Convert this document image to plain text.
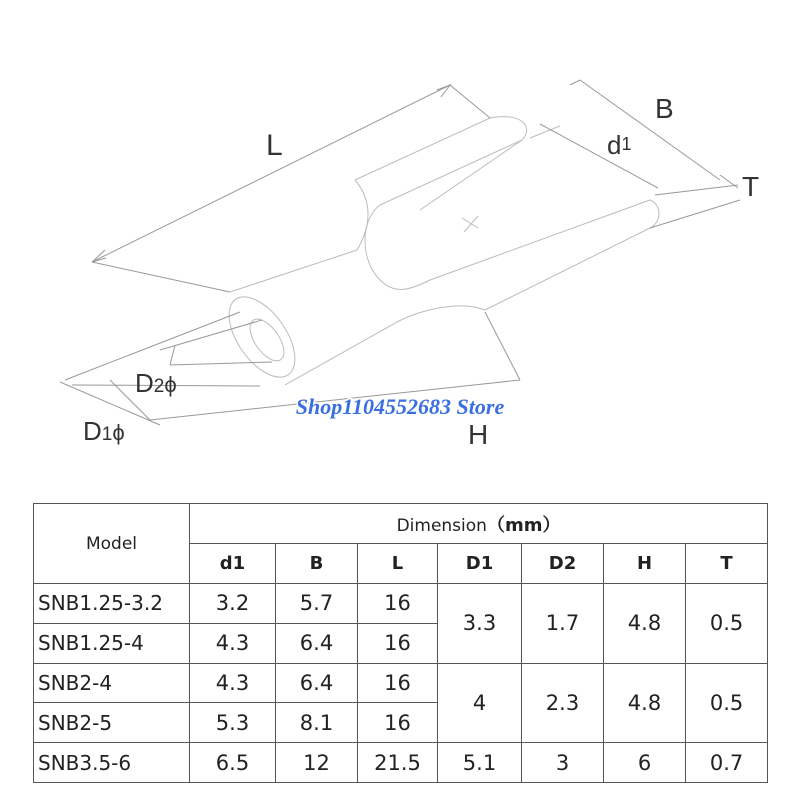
L
B
d1
T
D2ϕ
D1ϕ	H
Shop1104552683 Store
Model	Dimension（mm）						
	d1	B	L	D1	D2	H	T
SNB1.25-3.2	3.2	5.7	16	3.3	1.7	4.8	0.5
SNB1.25-4	4.3	6.4	16				
SNB2-4	4.3	6.4	16	4	2.3	4.8	0.5
SNB2-5	5.3	8.1	16				
SNB3.5-6	6.5	12	21.5	5.1	3	6	0.7
